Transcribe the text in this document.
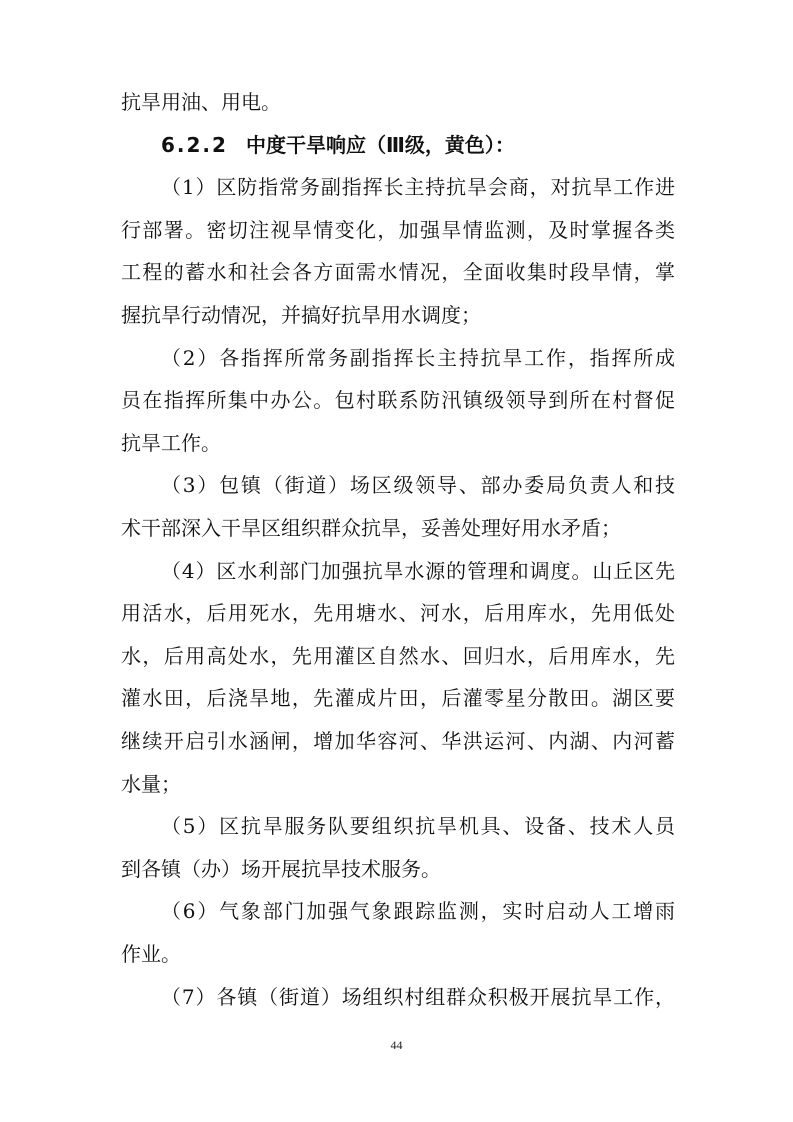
44
抗旱用油、用电。
6.2.2 中度干旱响应（Ⅲ级，黄色）：
（1）区防指常务副指挥长主持抗旱会商，对抗旱工作进
行部署。密切注视旱情变化，加强旱情监测，及时掌握各类
工程的蓄水和社会各方面需水情况，全面收集时段旱情，掌
握抗旱行动情况，并搞好抗旱用水调度；
（2）各指挥所常务副指挥长主持抗旱工作，指挥所成
员在指挥所集中办公。包村联系防汛镇级领导到所在村督促
抗旱工作。
（3）包镇（街道）场区级领导、部办委局负责人和技
术干部深入干旱区组织群众抗旱，妥善处理好用水矛盾；
（4）区水利部门加强抗旱水源的管理和调度。山丘区先
用活水，后用死水，先用塘水、河水，后用库水，先用低处
水，后用高处水，先用灌区自然水、回归水，后用库水，先
灌水田，后浇旱地，先灌成片田，后灌零星分散田。湖区要
继续开启引水涵闸，增加华容河、华洪运河、内湖、内河蓄
水量；
（5）区抗旱服务队要组织抗旱机具、设备、技术人员
到各镇（办）场开展抗旱技术服务。
（6）气象部门加强气象跟踪监测，实时启动人工增雨
作业。
（7）各镇（街道）场组织村组群众积极开展抗旱工作，
